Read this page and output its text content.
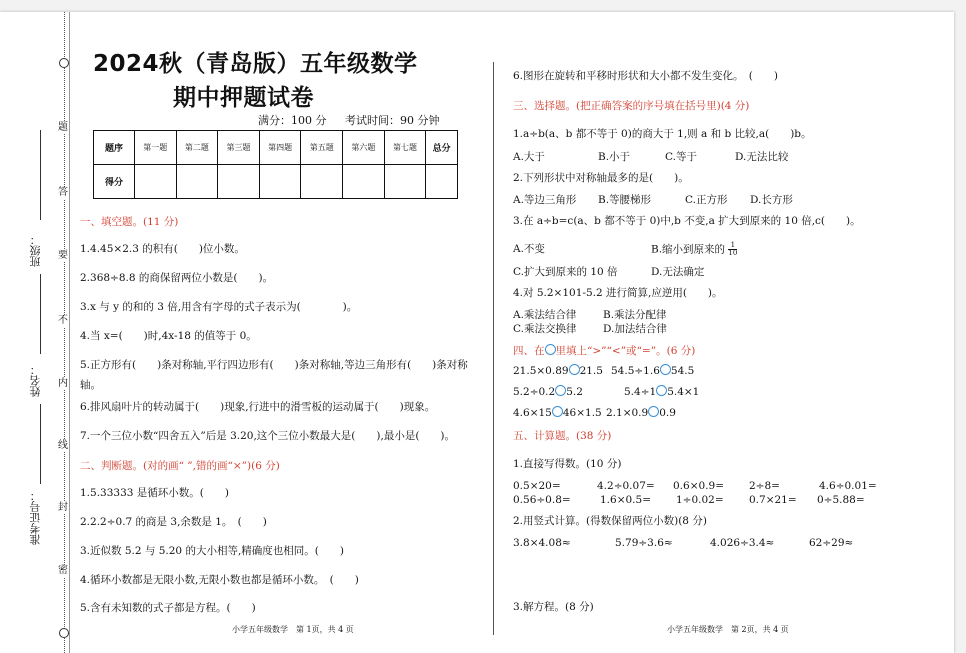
题
答
要
不
内
线
封
密
班级：
姓名：
准考证号：
2024秋（青岛版）五年级数学
期中押题试卷
满分：100 分 考试时间：90 分钟
题序	第一题	第二题	第三题	第四题	第五题	第六题	第七题	总分
得分								
一、填空题。(11 分)
1.4.45×2.3 的积有(　　)位小数。
2.368÷8.8 的商保留两位小数是(　　)。
3.x 与 y 的和的 3 倍,用含有字母的式子表示为(　　　　)。
4.当 x=(　　)时,4x-18 的值等于 0。
5.正方形有(　　)条对称轴,平行四边形有(　　)条对称轴,等边三角形有(　　)条对称
轴。
6.排风扇叶片的转动属于(　　)现象,行进中的滑雪板的运动属于(　　)现象。
7.一个三位小数“四舍五入”后是 3.20,这个三位小数最大是(　　),最小是(　　)。
二、判断题。(对的画“ ”,错的画“×”)(6 分)
1.5.33333 是循环小数。(　　)
2.2.2÷0.7 的商是 3,余数是 1。　(　　)
3.近似数 5.2 与 5.20 的大小相等,精确度也相同。(　　)
4.循环小数都是无限小数,无限小数也都是循环小数。　(　　)
5.含有未知数的式子都是方程。(　　)
小学五年级数学　第 1页，共 4 页
6.图形在旋转和平移时形状和大小都不发生变化。　(　　)
三、选择题。(把正确答案的序号填在括号里)(4 分)
1.a÷b(a、b 都不等于 0)的商大于 1,则 a 和 b 比较,a(　　)b。
A.大于	B.小于	C.等于	D.无法比较
2.下列形状中对称轴最多的是(　　)。
A.等边三角形 B.等腰梯形	C.正方形 D.长方形
3.在 a÷b=c(a、b 都不等于 0)中,b 不变,a 扩大到原来的 10 倍,c(　　)。
A.不变	B.缩小到原来的 $\frac{1}{10}$
C.扩大到原来的 10 倍	D.无法确定
4.对 5.2×101-5.2 进行简算,应逆用(　　)。
A.乘法结合律	B.乘法分配律
C.乘法交换律	D.加法结合律
四、在 里填上“>”“<”或“=”。(6 分)
21.5×0.89 21.5 54.5÷1.6 54.5
5.2÷0.2 5.2	5.4÷1 5.4×1
4.6×15 46×1.5 2.1×0.9 0.9
五、计算题。(38 分)
1.直接写得数。(10 分)
0.5×20=	4.2÷0.07= 0.6×0.9= 2÷8=	4.6÷0.01=
0.56÷0.8=	1.6×0.5= 1÷0.02= 0.7×21= 0÷5.88=
2.用竖式计算。(得数保留两位小数)(8 分)
3.8×4.08≈	5.79÷3.6≈	4.026÷3.4≈	62÷29≈
3.解方程。(8 分)
小学五年级数学　第 2页，共 4 页
